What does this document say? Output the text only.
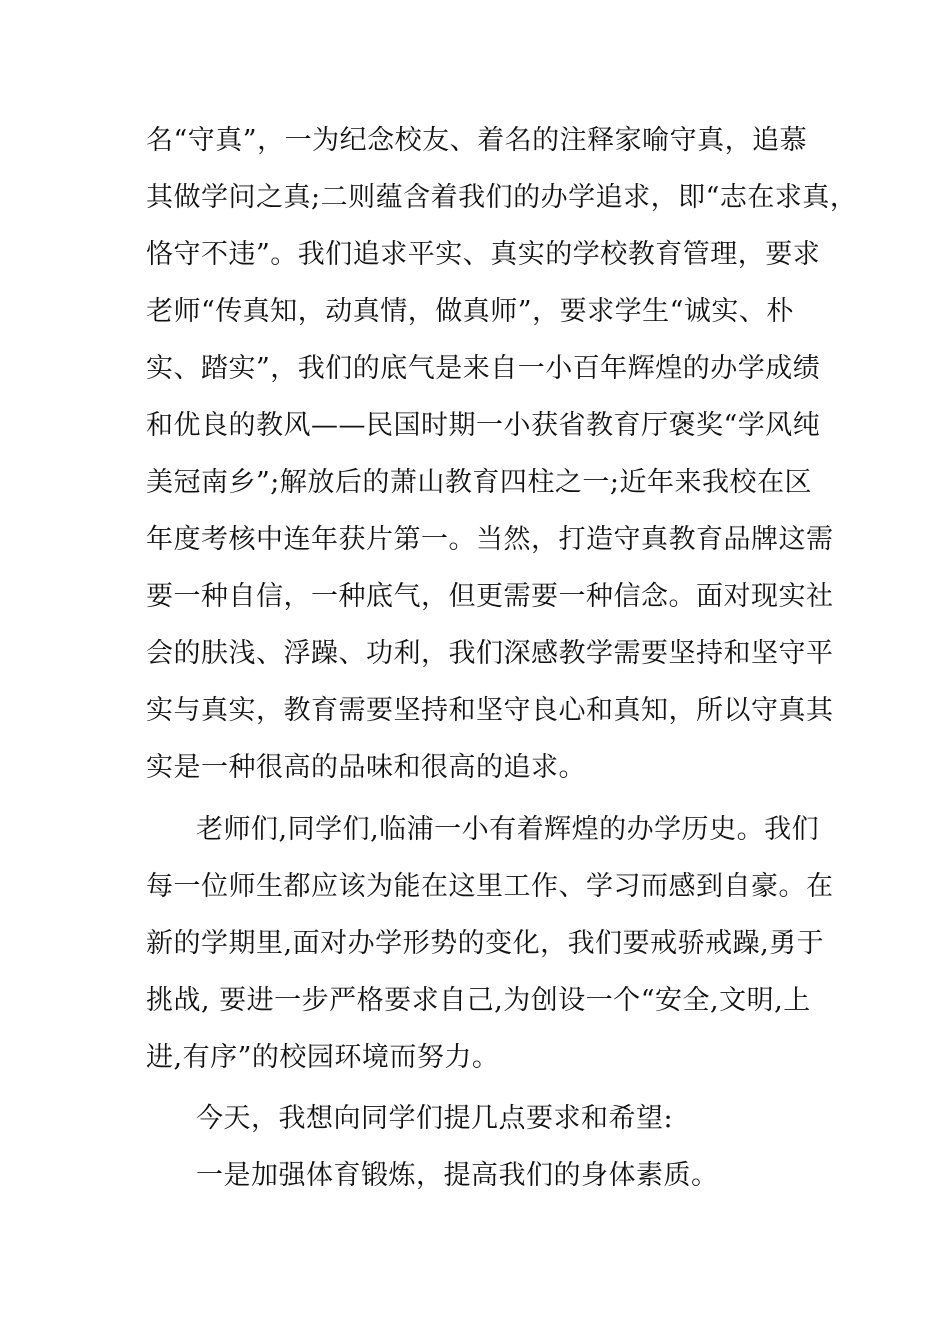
名“守真”，一为纪念校友、着名的注释家喻守真，追慕
其做学问之真;二则蕴含着我们的办学追求，即“志在求真，
恪守不违”。我们追求平实、真实的学校教育管理，要求
老师“传真知，动真情，做真师”，要求学生“诚实、朴
实、踏实”，我们的底气是来自一小百年辉煌的办学成绩
和优良的教风——民国时期一小获省教育厅褒奖“学风纯
美冠南乡”;解放后的萧山教育四柱之一;近年来我校在区
年度考核中连年获片第一。当然，打造守真教育品牌这需
要一种自信，一种底气，但更需要一种信念。面对现实社
会的肤浅、浮躁、功利，我们深感教学需要坚持和坚守平
实与真实，教育需要坚持和坚守良心和真知，所以守真其
实是一种很高的品味和很高的追求。
老师们,同学们,临浦一小有着辉煌的办学历史。我们
每一位师生都应该为能在这里工作、学习而感到自豪。在
新的学期里,面对办学形势的变化，我们要戒骄戒躁,勇于
挑战, 要进一步严格要求自己,为创设一个“安全,文明,上
进,有序”的校园环境而努力。
今天，我想向同学们提几点要求和希望:
一是加强体育锻炼，提高我们的身体素质。
